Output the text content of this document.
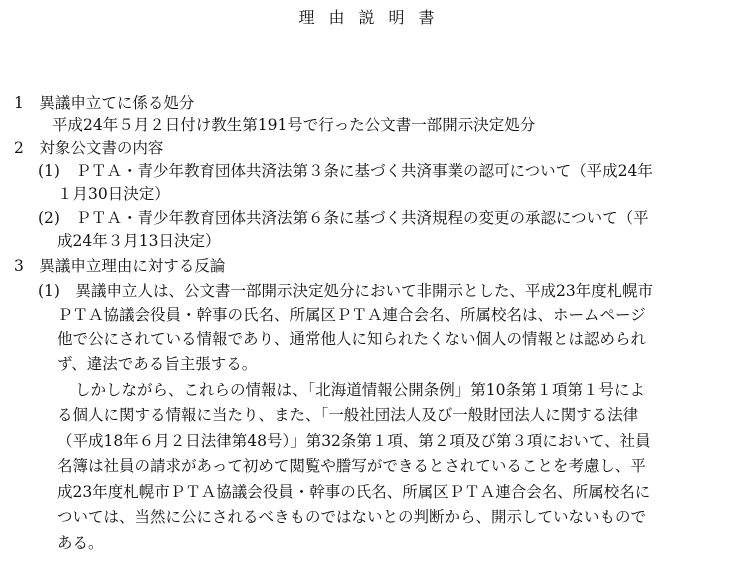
理由説明書
1　異議申立てに係る処分
平成24年５月２日付け教生第191号で行った公文書一部開示決定処分
2　対象公文書の内容
(1)　ＰＴＡ・青少年教育団体共済法第３条に基づく共済事業の認可について（平成24年
１月30日決定）
(2)　ＰＴＡ・青少年教育団体共済法第６条に基づく共済規程の変更の承認について（平
成24年３月13日決定）
3　異議申立理由に対する反論
(1)　異議申立人は、公文書一部開示決定処分において非開示とした、平成23年度札幌市
ＰＴＡ協議会役員・幹事の氏名、所属区ＰＴＡ連合会名、所属校名は、ホームページ
他で公にされている情報であり、通常他人に知られたくない個人の情報とは認められ
ず、違法である旨主張する。
しかしながら、これらの情報は、「北海道情報公開条例」第10条第１項第１号によ
る個人に関する情報に当たり、また、「一般社団法人及び一般財団法人に関する法律
（平成18年６月２日法律第48号）」第32条第１項、第２項及び第３項において、社員
名簿は社員の請求があって初めて閲覧や謄写ができるとされていることを考慮し、平
成23年度札幌市ＰＴＡ協議会役員・幹事の氏名、所属区ＰＴＡ連合会名、所属校名に
ついては、当然に公にされるべきものではないとの判断から、開示していないもので
ある。
